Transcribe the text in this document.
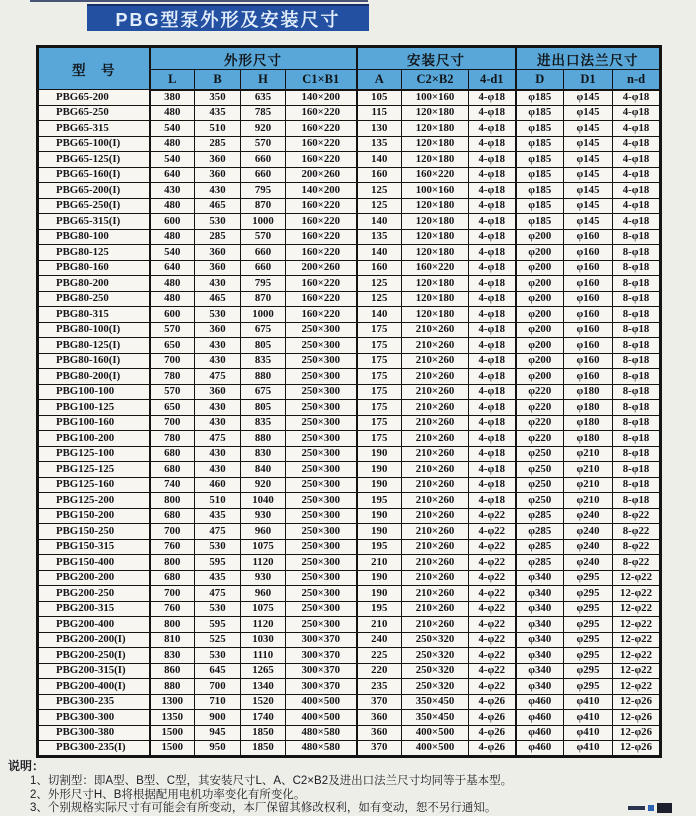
PBG型泵外形及安装尺寸
型　号	外形尺寸				安装尺寸			进出口法兰尺寸		
	L	B	H	C1×B1	A	C2×B2	4-d1	D	D1	n-d
PBG65-200	380	350	635	140×200	105	100×160	4-φ18	φ185	φ145	4-φ18
PBG65-250	480	435	785	160×220	115	120×180	4-φ18	φ185	φ145	4-φ18
PBG65-315	540	510	920	160×220	130	120×180	4-φ18	φ185	φ145	4-φ18
PBG65-100(I)	480	285	570	160×220	135	120×180	4-φ18	φ185	φ145	4-φ18
PBG65-125(I)	540	360	660	160×220	140	120×180	4-φ18	φ185	φ145	4-φ18
PBG65-160(I)	640	360	660	200×260	160	160×220	4-φ18	φ185	φ145	4-φ18
PBG65-200(I)	430	430	795	140×200	125	100×160	4-φ18	φ185	φ145	4-φ18
PBG65-250(I)	480	465	870	160×220	125	120×180	4-φ18	φ185	φ145	4-φ18
PBG65-315(I)	600	530	1000	160×220	140	120×180	4-φ18	φ185	φ145	4-φ18
PBG80-100	480	285	570	160×220	135	120×180	4-φ18	φ200	φ160	8-φ18
PBG80-125	540	360	660	160×220	140	120×180	4-φ18	φ200	φ160	8-φ18
PBG80-160	640	360	660	200×260	160	160×220	4-φ18	φ200	φ160	8-φ18
PBG80-200	480	430	795	160×220	125	120×180	4-φ18	φ200	φ160	8-φ18
PBG80-250	480	465	870	160×220	125	120×180	4-φ18	φ200	φ160	8-φ18
PBG80-315	600	530	1000	160×220	140	120×180	4-φ18	φ200	φ160	8-φ18
PBG80-100(I)	570	360	675	250×300	175	210×260	4-φ18	φ200	φ160	8-φ18
PBG80-125(I)	650	430	805	250×300	175	210×260	4-φ18	φ200	φ160	8-φ18
PBG80-160(I)	700	430	835	250×300	175	210×260	4-φ18	φ200	φ160	8-φ18
PBG80-200(I)	780	475	880	250×300	175	210×260	4-φ18	φ200	φ160	8-φ18
PBG100-100	570	360	675	250×300	175	210×260	4-φ18	φ220	φ180	8-φ18
PBG100-125	650	430	805	250×300	175	210×260	4-φ18	φ220	φ180	8-φ18
PBG100-160	700	430	835	250×300	175	210×260	4-φ18	φ220	φ180	8-φ18
PBG100-200	780	475	880	250×300	175	210×260	4-φ18	φ220	φ180	8-φ18
PBG125-100	680	430	830	250×300	190	210×260	4-φ18	φ250	φ210	8-φ18
PBG125-125	680	430	840	250×300	190	210×260	4-φ18	φ250	φ210	8-φ18
PBG125-160	740	460	920	250×300	190	210×260	4-φ18	φ250	φ210	8-φ18
PBG125-200	800	510	1040	250×300	195	210×260	4-φ18	φ250	φ210	8-φ18
PBG150-200	680	435	930	250×300	190	210×260	4-φ22	φ285	φ240	8-φ22
PBG150-250	700	475	960	250×300	190	210×260	4-φ22	φ285	φ240	8-φ22
PBG150-315	760	530	1075	250×300	195	210×260	4-φ22	φ285	φ240	8-φ22
PBG150-400	800	595	1120	250×300	210	210×260	4-φ22	φ285	φ240	8-φ22
PBG200-200	680	435	930	250×300	190	210×260	4-φ22	φ340	φ295	12-φ22
PBG200-250	700	475	960	250×300	190	210×260	4-φ22	φ340	φ295	12-φ22
PBG200-315	760	530	1075	250×300	195	210×260	4-φ22	φ340	φ295	12-φ22
PBG200-400	800	595	1120	250×300	210	210×260	4-φ22	φ340	φ295	12-φ22
PBG200-200(I)	810	525	1030	300×370	240	250×320	4-φ22	φ340	φ295	12-φ22
PBG200-250(I)	830	530	1110	300×370	225	250×320	4-φ22	φ340	φ295	12-φ22
PBG200-315(I)	860	645	1265	300×370	220	250×320	4-φ22	φ340	φ295	12-φ22
PBG200-400(I)	880	700	1340	300×370	235	250×320	4-φ22	φ340	φ295	12-φ22
PBG300-235	1300	710	1520	400×500	370	350×450	4-φ26	φ460	φ410	12-φ26
PBG300-300	1350	900	1740	400×500	360	350×450	4-φ26	φ460	φ410	12-φ26
PBG300-380	1500	945	1850	480×580	360	400×500	4-φ26	φ460	φ410	12-φ26
PBG300-235(I)	1500	950	1850	480×580	370	400×500	4-φ26	φ460	φ410	12-φ26
说明：
1、切割型：即A型、B型、C型，其安装尺寸L、A、C2×B2及进出口法兰尺寸均同等于基本型。
2、外形尺寸H、B将根据配用电机功率变化有所变化。
3、个别规格实际尺寸有可能会有所变动，本厂保留其修改权利，如有变动，恕不另行通知。
